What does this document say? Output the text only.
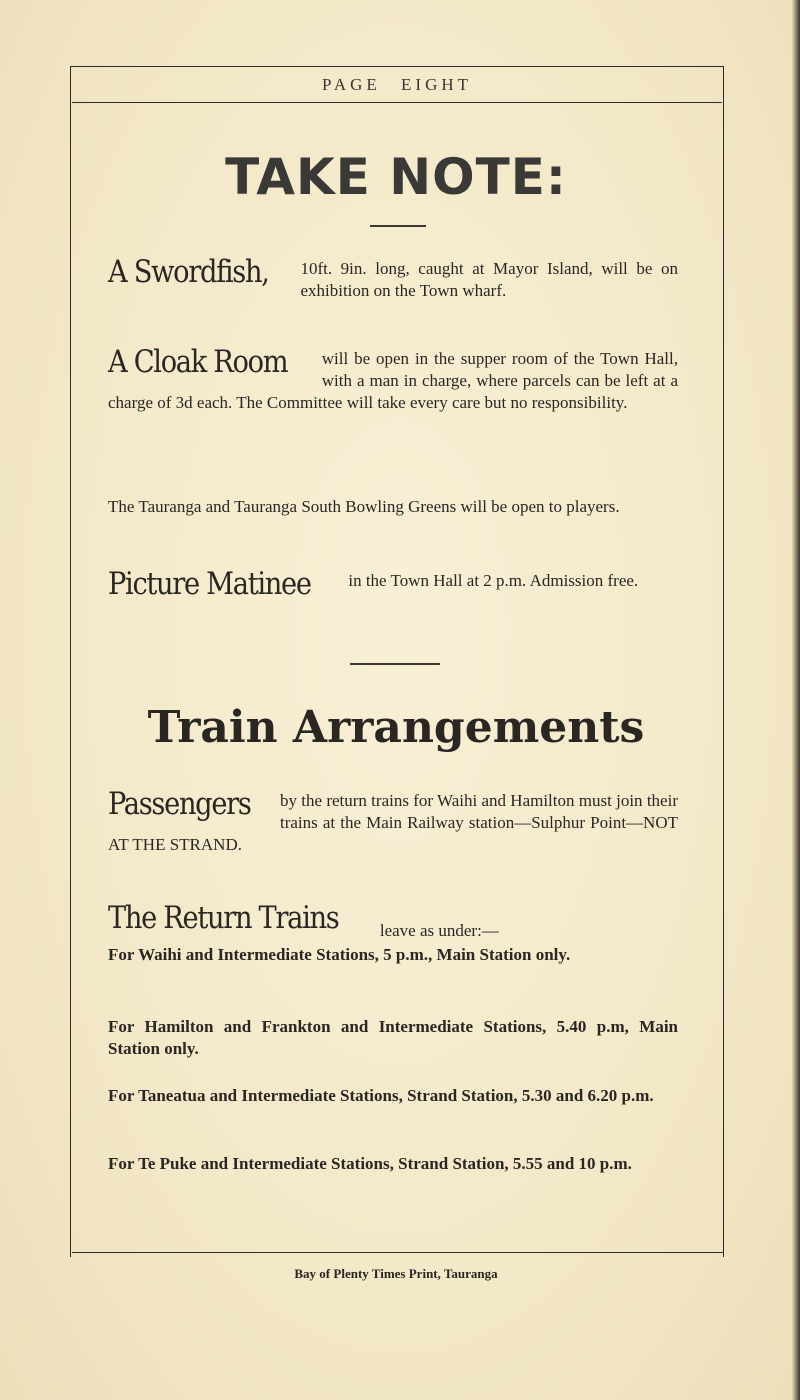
PAGE EIGHT
TAKE NOTE:
A Swordfish, 10ft. 9in. long, caught at Mayor Island, will be on exhibition on the Town wharf.
A Cloak Room will be open in the supper room of the Town Hall, with a man in charge, where parcels can be left at a charge of 3d each. The Committee will take every care but no responsibility.
The Tauranga and Tauranga South Bowling Greens will be open to players.
Picture Matinee in the Town Hall at 2 p.m. Admission free.
Train Arrangements
Passengers by the return trains for Waihi and Hamilton must join their trains at the Main Railway station—Sulphur Point—NOT AT THE STRAND.
The Return Trains	leave as under:—
For Waihi and Intermediate Stations, 5 p.m., Main Station only.
For Hamilton and Frankton and Intermediate Stations, 5.40 p.m, Main Station only.
For Taneatua and Intermediate Stations, Strand Station, 5.30 and 6.20 p.m.
For Te Puke and Intermediate Stations, Strand Station, 5.55 and 10 p.m.
Bay of Plenty Times Print, Tauranga
